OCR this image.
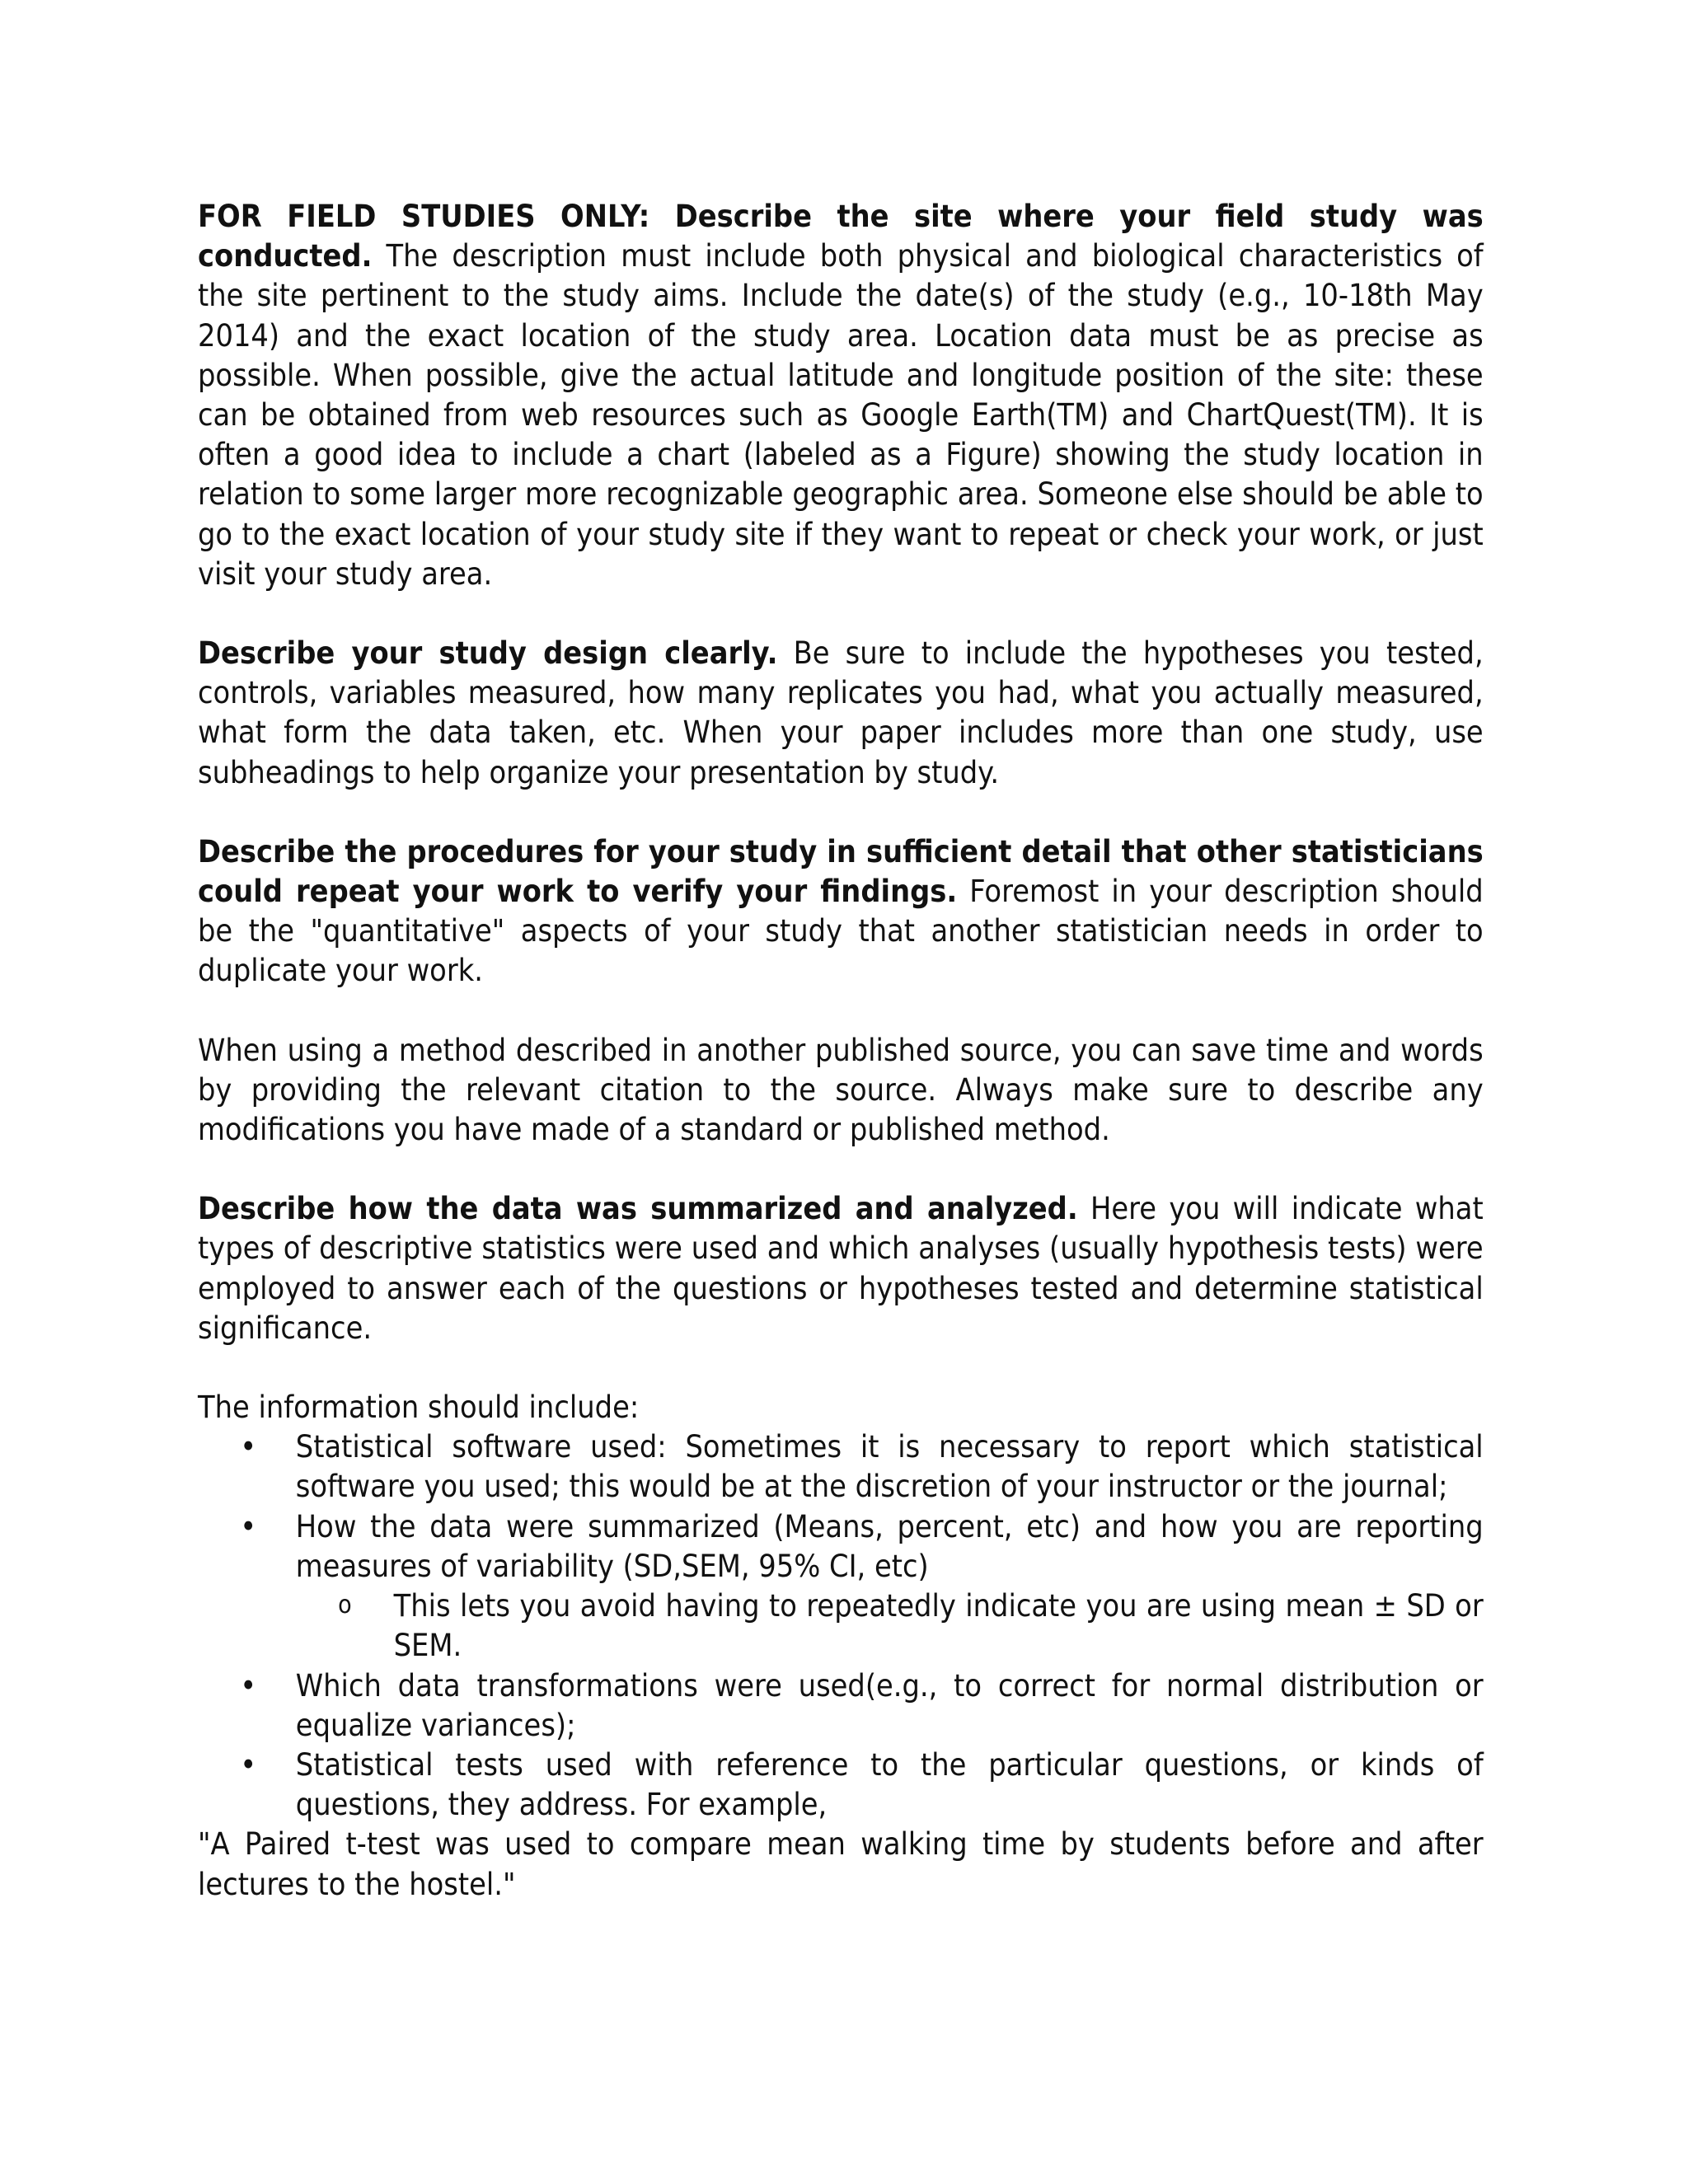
FOR FIELD STUDIES ONLY: Describe the site where your field study was conducted. The description must include both physical and biological characteristics of the site pertinent to the study aims. Include the date(s) of the study (e.g., 10-18th May 2014) and the exact location of the study area. Location data must be as precise as possible. When possible, give the actual latitude and longitude position of the site: these can be obtained from web resources such as Google Earth(TM) and ChartQuest(TM). It is often a good idea to include a chart (labeled as a Figure) showing the study location in relation to some larger more recognizable geographic area. Someone else should be able to go to the exact location of your study site if they want to repeat or check your work, or just visit your study area.

Describe your study design clearly. Be sure to include the hypotheses you tested, controls, variables measured, how many replicates you had, what you actually measured, what form the data taken, etc. When your paper includes more than one study, use subheadings to help organize your presentation by study.

Describe the procedures for your study in sufficient detail that other statisticians could repeat your work to verify your findings. Foremost in your description should be the "quantitative" aspects of your study that another statistician needs in order to duplicate your work.

When using a method described in another published source, you can save time and words by providing the relevant citation to the source. Always make sure to describe any modifications you have made of a standard or published method.

Describe how the data was summarized and analyzed. Here you will indicate what types of descriptive statistics were used and which analyses (usually hypothesis tests) were employed to answer each of the questions or hypotheses tested and determine statistical significance.

The information should include:

• Statistical software used: Sometimes it is necessary to report which statistical software you used; this would be at the discretion of your instructor or the journal;
• How the data were summarized (Means, percent, etc) and how you are reporting measures of variability (SD,SEM, 95% CI, etc)
o This lets you avoid having to repeatedly indicate you are using mean ± SD or SEM.
• Which data transformations were used(e.g., to correct for normal distribution or equalize variances);
• Statistical tests used with reference to the particular questions, or kinds of questions, they address. For example,

"A Paired t-test was used to compare mean walking time by students before and after lectures to the hostel."
